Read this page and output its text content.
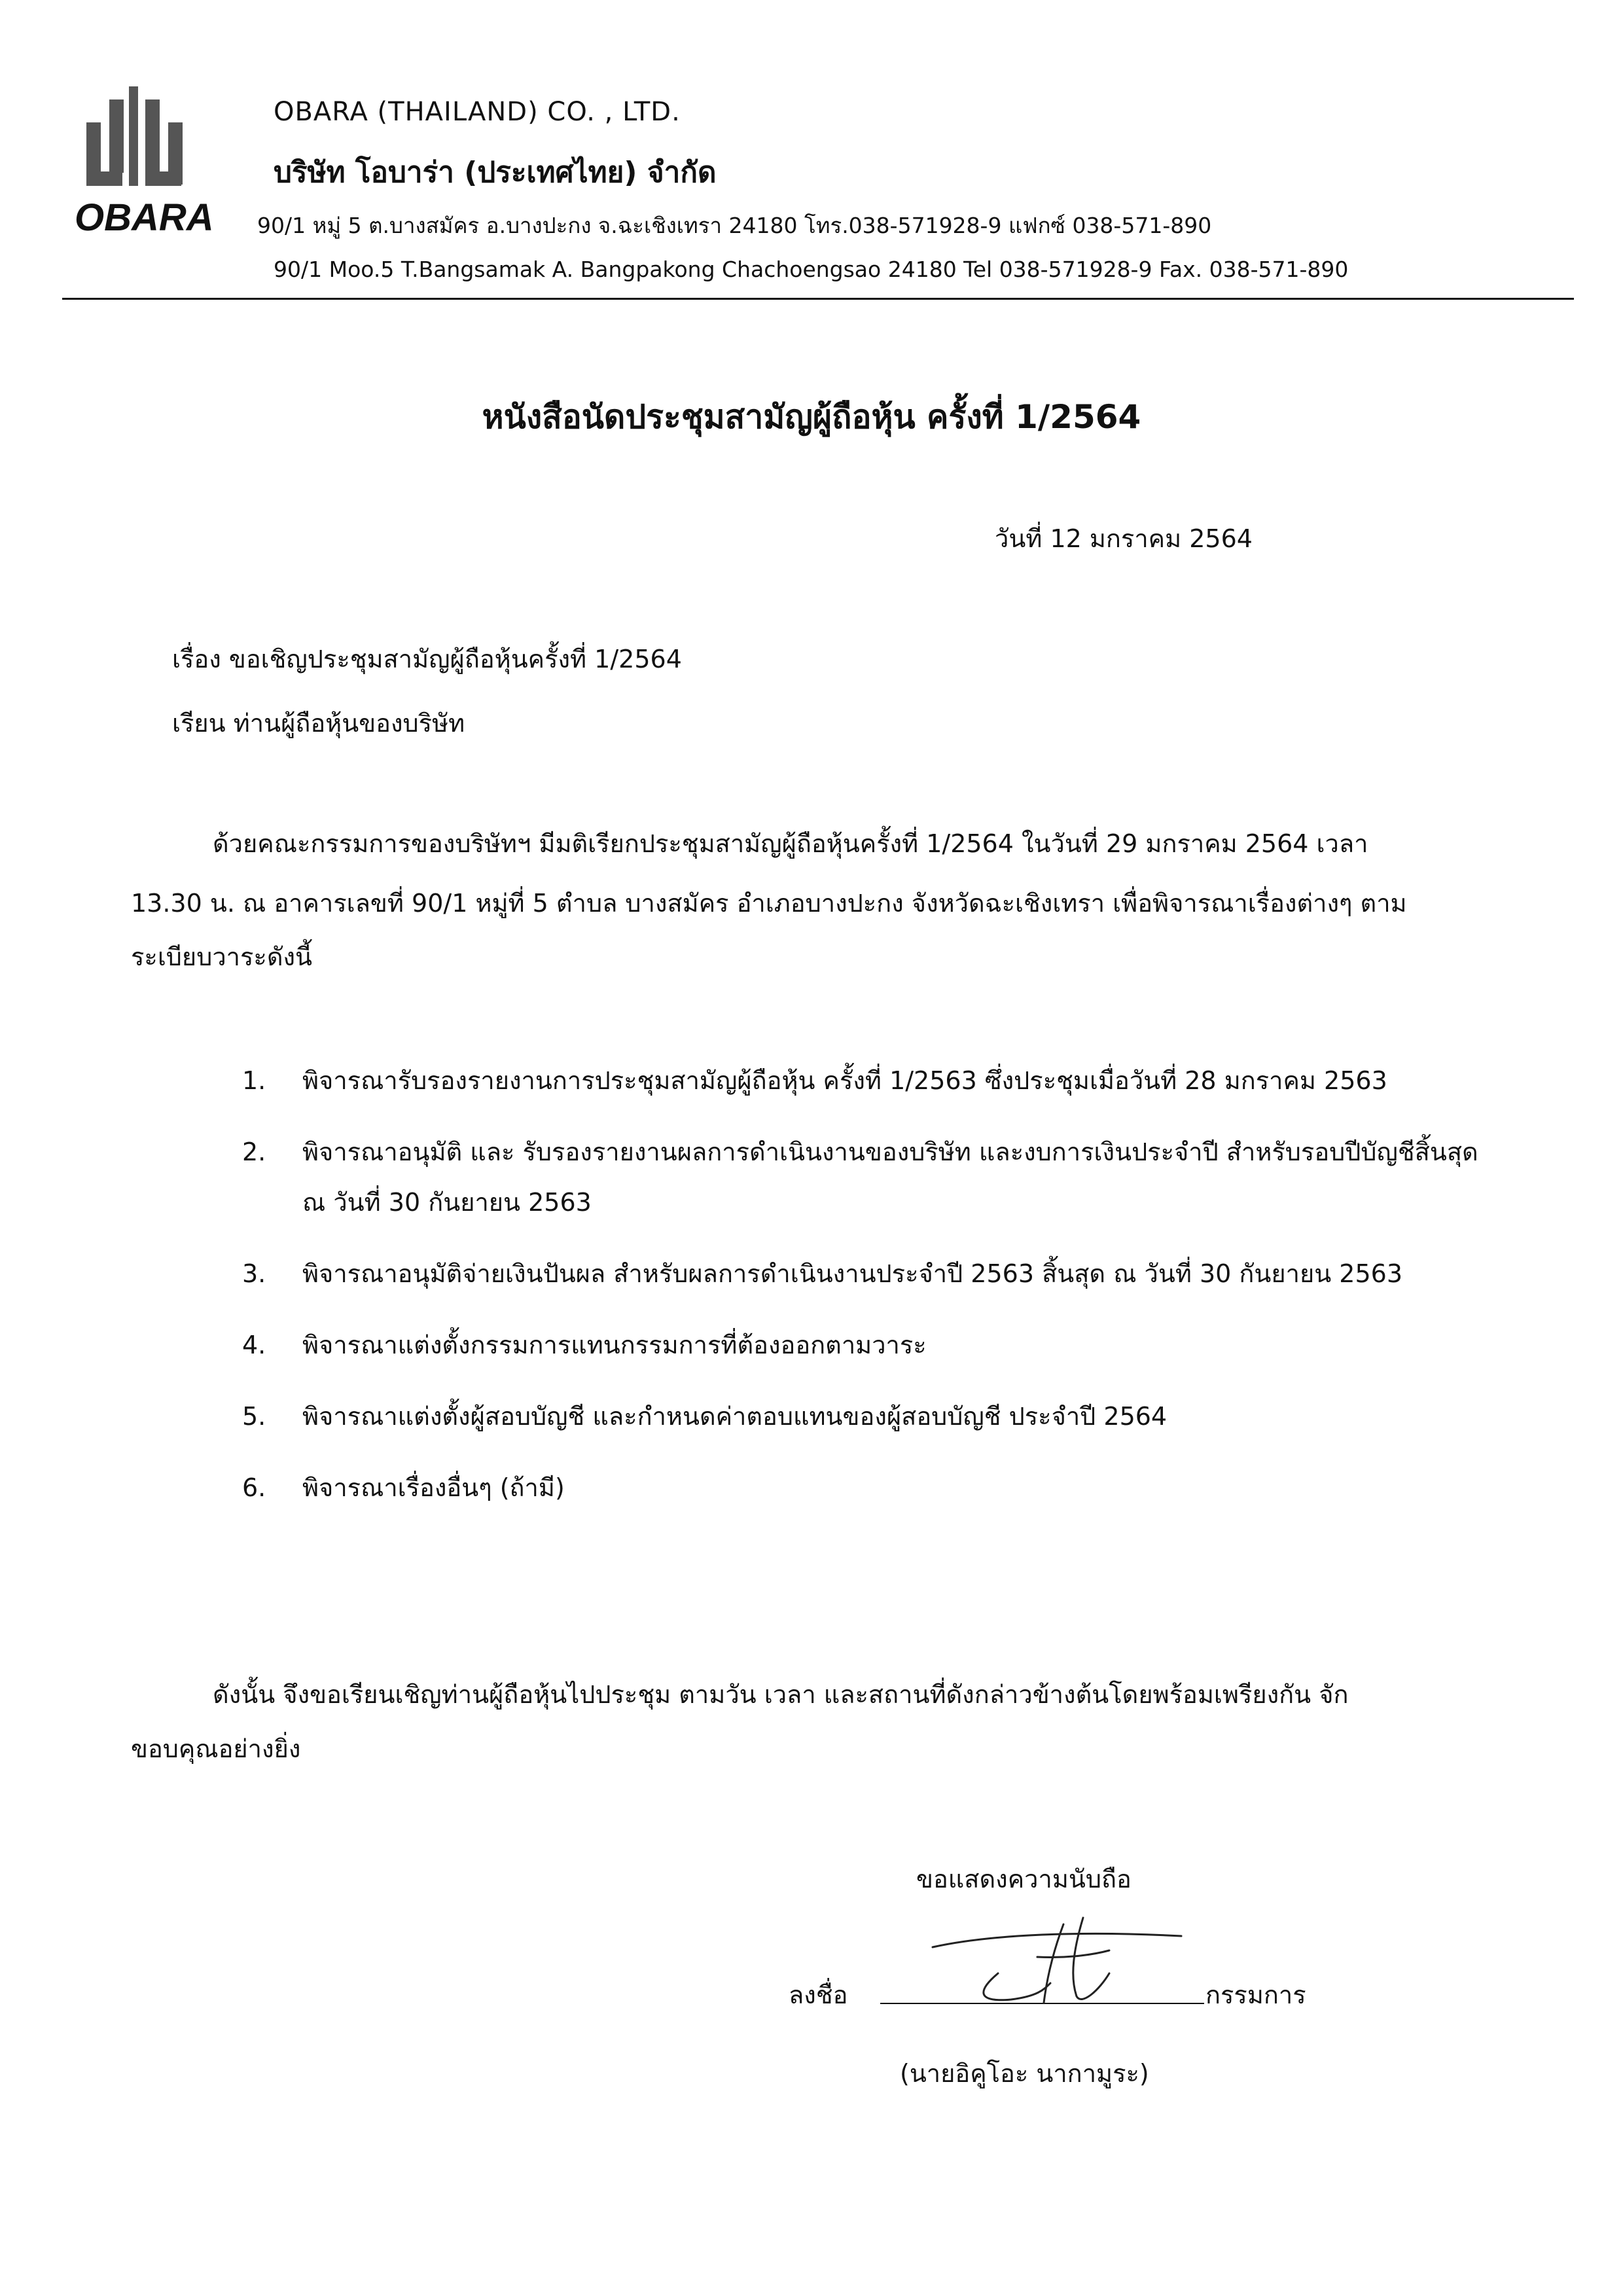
OBARA
OBARA (THAILAND) CO. , LTD.
บริษัท โอบาร่า (ประเทศไทย) จำกัด
90/1 หมู่ 5 ต.บางสมัคร อ.บางปะกง จ.ฉะเชิงเทรา 24180 โทร.038-571928-9 แฟกซ์ 038-571-890
90/1 Moo.5 T.Bangsamak A. Bangpakong Chachoengsao 24180 Tel 038-571928-9 Fax. 038-571-890
หนังสือนัดประชุมสามัญผู้ถือหุ้น ครั้งที่ 1/2564
วันที่ 12 มกราคม 2564
เรื่อง ขอเชิญประชุมสามัญผู้ถือหุ้นครั้งที่ 1/2564
เรียน ท่านผู้ถือหุ้นของบริษัท
ด้วยคณะกรรมการของบริษัทฯ มีมติเรียกประชุมสามัญผู้ถือหุ้นครั้งที่ 1/2564 ในวันที่ 29 มกราคม 2564 เวลา
13.30 น. ณ อาคารเลขที่ 90/1 หมู่ที่ 5 ตำบล บางสมัคร อำเภอบางปะกง จังหวัดฉะเชิงเทรา เพื่อพิจารณาเรื่องต่างๆ ตามระเบียบวาระดังนี้
1.	พิจารณารับรองรายงานการประชุมสามัญผู้ถือหุ้น ครั้งที่ 1/2563 ซึ่งประชุมเมื่อวันที่ 28 มกราคม 2563
2.	พิจารณาอนุมัติ และ รับรองรายงานผลการดำเนินงานของบริษัท และงบการเงินประจำปี สำหรับรอบปีบัญชีสิ้นสุด ณ วันที่ 30 กันยายน 2563
3.	พิจารณาอนุมัติจ่ายเงินปันผล สำหรับผลการดำเนินงานประจำปี 2563 สิ้นสุด ณ วันที่ 30 กันยายน 2563
4.	พิจารณาแต่งตั้งกรรมการแทนกรรมการที่ต้องออกตามวาระ
5.	พิจารณาแต่งตั้งผู้สอบบัญชี และกำหนดค่าตอบแทนของผู้สอบบัญชี ประจำปี 2564
6.	พิจารณาเรื่องอื่นๆ (ถ้ามี)
ดังนั้น จึงขอเรียนเชิญท่านผู้ถือหุ้นไปประชุม ตามวัน เวลา และสถานที่ดังกล่าวข้างต้นโดยพร้อมเพรียงกัน จัก
ขอบคุณอย่างยิ่ง
ขอแสดงความนับถือ
ลงชื่อ	กรรมการ
(นายอิคูโอะ นากามูระ)
